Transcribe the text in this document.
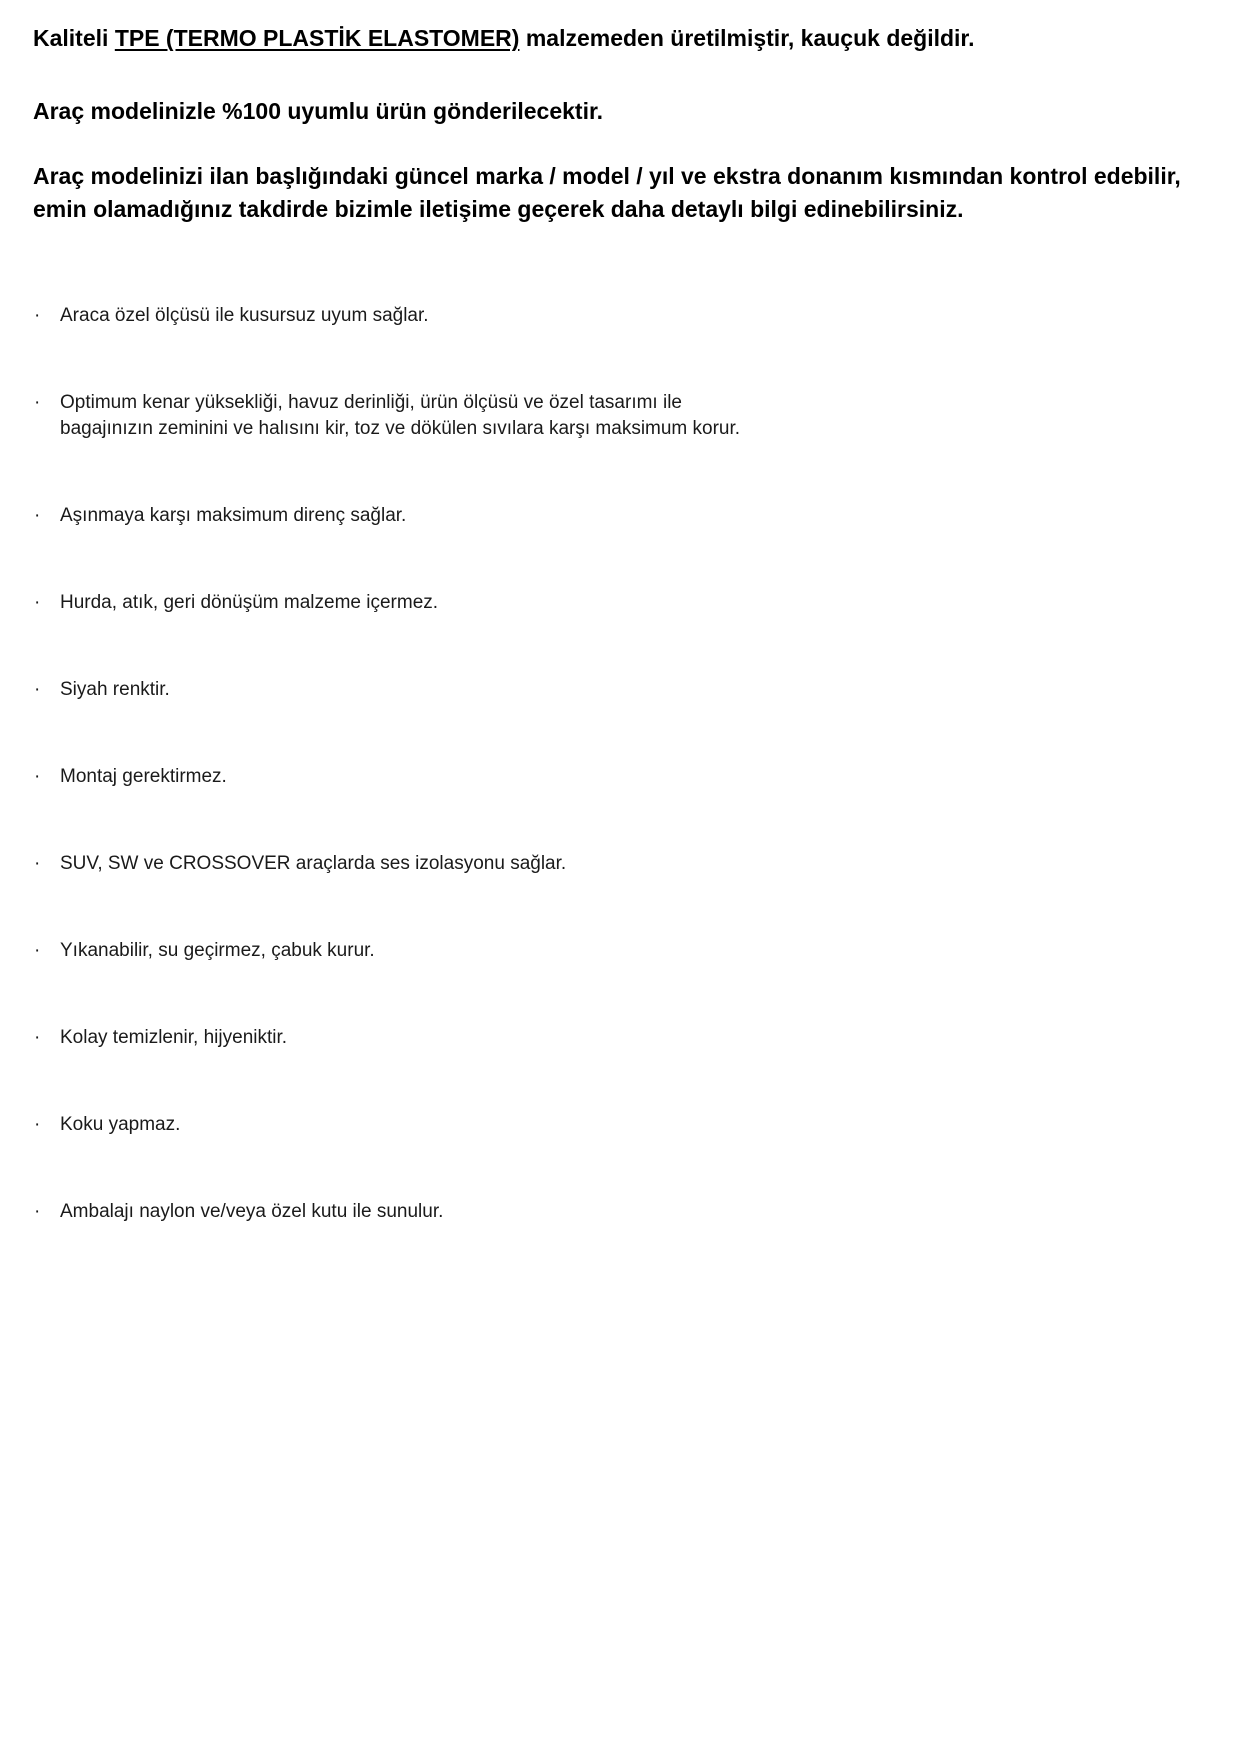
Kaliteli TPE (TERMO PLASTİK ELASTOMER) malzemeden üretilmiştir, kauçuk değildir.

Araç modelinizle %100 uyumlu ürün gönderilecektir.

Araç modelinizi ilan başlığındaki güncel marka / model / yıl ve ekstra donanım kısmından kontrol edebilir, emin olamadığınız takdirde bizimle iletişime geçerek daha detaylı bilgi edinebilirsiniz.

· Araca özel ölçüsü ile kusursuz uyum sağlar.
· Optimum kenar yüksekliği, havuz derinliği, ürün ölçüsü ve özel tasarımı ile
bagajınızın zeminini ve halısını kir, toz ve dökülen sıvılara karşı maksimum korur.
· Aşınmaya karşı maksimum direnç sağlar.
· Hurda, atık, geri dönüşüm malzeme içermez.
· Siyah renktir.
· Montaj gerektirmez.
· SUV, SW ve CROSSOVER araçlarda ses izolasyonu sağlar.
· Yıkanabilir, su geçirmez, çabuk kurur.
· Kolay temizlenir, hijyeniktir.
· Koku yapmaz.
· Ambalajı naylon ve/veya özel kutu ile sunulur.
